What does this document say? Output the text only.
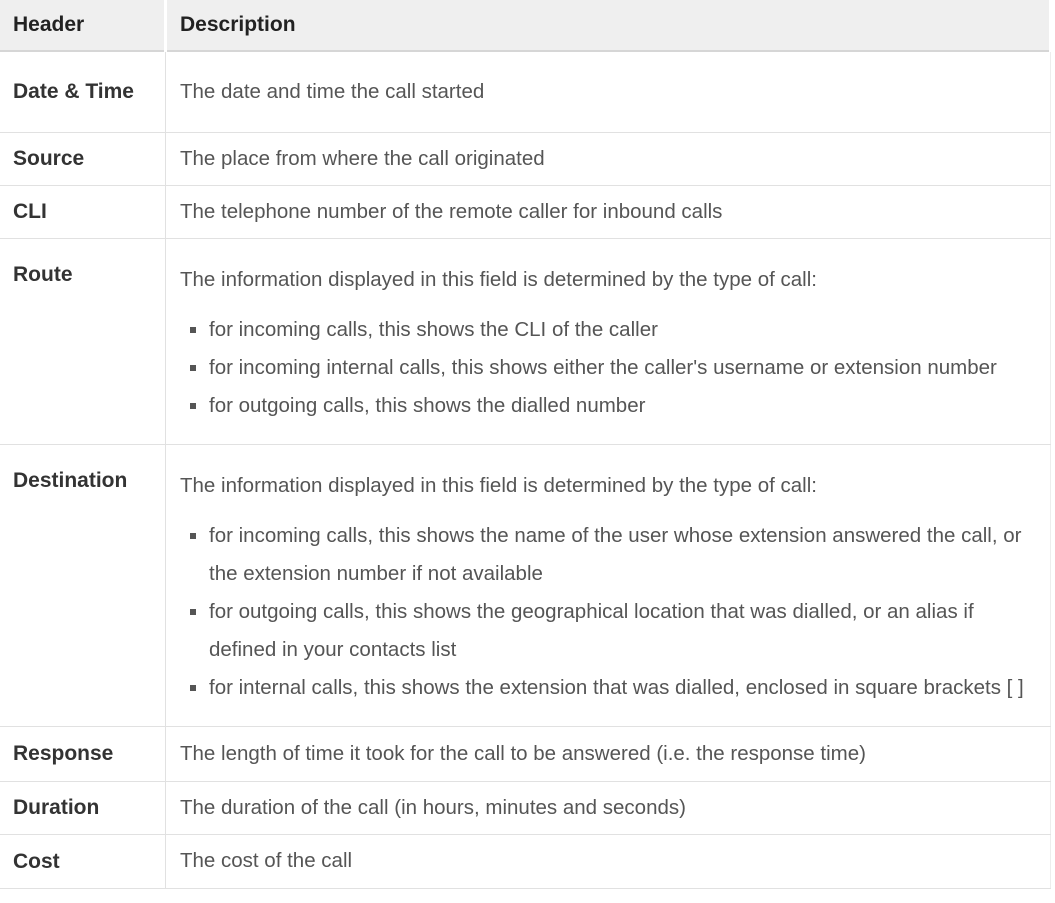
Header	Description
Date & Time	The date and time the call started
Source	The place from where the call originated
CLI	The telephone number of the remote caller for inbound calls
Route	The information displayed in this field is determined by the type of call:

▪ for incoming calls, this shows the CLI of the caller
▪ for incoming internal calls, this shows either the caller's username or extension number
▪ for outgoing calls, this shows the dialled number

Destination	The information displayed in this field is determined by the type of call:

▪ for incoming calls, this shows the name of the user whose extension answered the call, or the extension number if not available
▪ for outgoing calls, this shows the geographical location that was dialled, or an alias if defined in your contacts list
▪ for internal calls, this shows the extension that was dialled, enclosed in square brackets [ ]

Response	The length of time it took for the call to be answered (i.e. the response time)
Duration	The duration of the call (in hours, minutes and seconds)
Cost	The cost of the call
